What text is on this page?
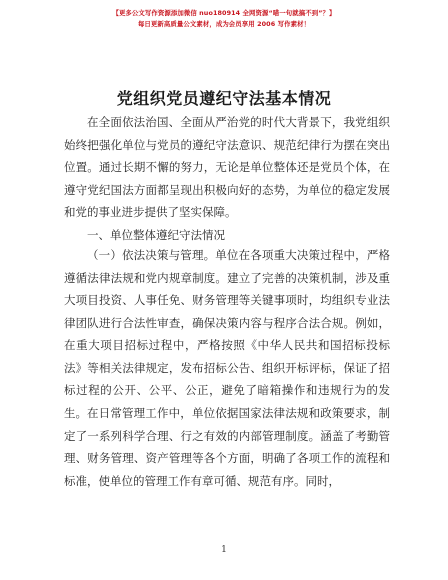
【更多公文写作资源添加微信 nuo180914 全网资源“喵一句就搞不到”？】
每日更新高质量公文素材，成为会员享用 2006 写作素材！
党组织党员遵纪守法基本情况
在全面依法治国、全面从严治党的时代大背景下，我党组织始终把强化单位与党员的遵纪守法意识、规范纪律行为摆在突出位置。通过长期不懈的努力，无论是单位整体还是党员个体，在遵守党纪国法方面都呈现出积极向好的态势，为单位的稳定发展和党的事业进步提供了坚实保障。
一、单位整体遵纪守法情况
（一）依法决策与管理。单位在各项重大决策过程中，严格遵循法律法规和党内规章制度。建立了完善的决策机制，涉及重大项目投资、人事任免、财务管理等关键事项时，均组织专业法律团队进行合法性审查，确保决策内容与程序合法合规。例如，在重大项目招标过程中，严格按照《中华人民共和国招标投标法》等相关法律规定，发布招标公告、组织开标评标，保证了招标过程的公开、公平、公正，避免了暗箱操作和违规行为的发生。 在日常管理工作中，单位依据国家法律法规和政策要求，制定了一系列科学合理、行之有效的内部管理制度。涵盖了考勤管理、财务管理、资产管理等各个方面，明确了各项工作的流程和标准，使单位的管理工作有章可循、规范有序。同时，
1
